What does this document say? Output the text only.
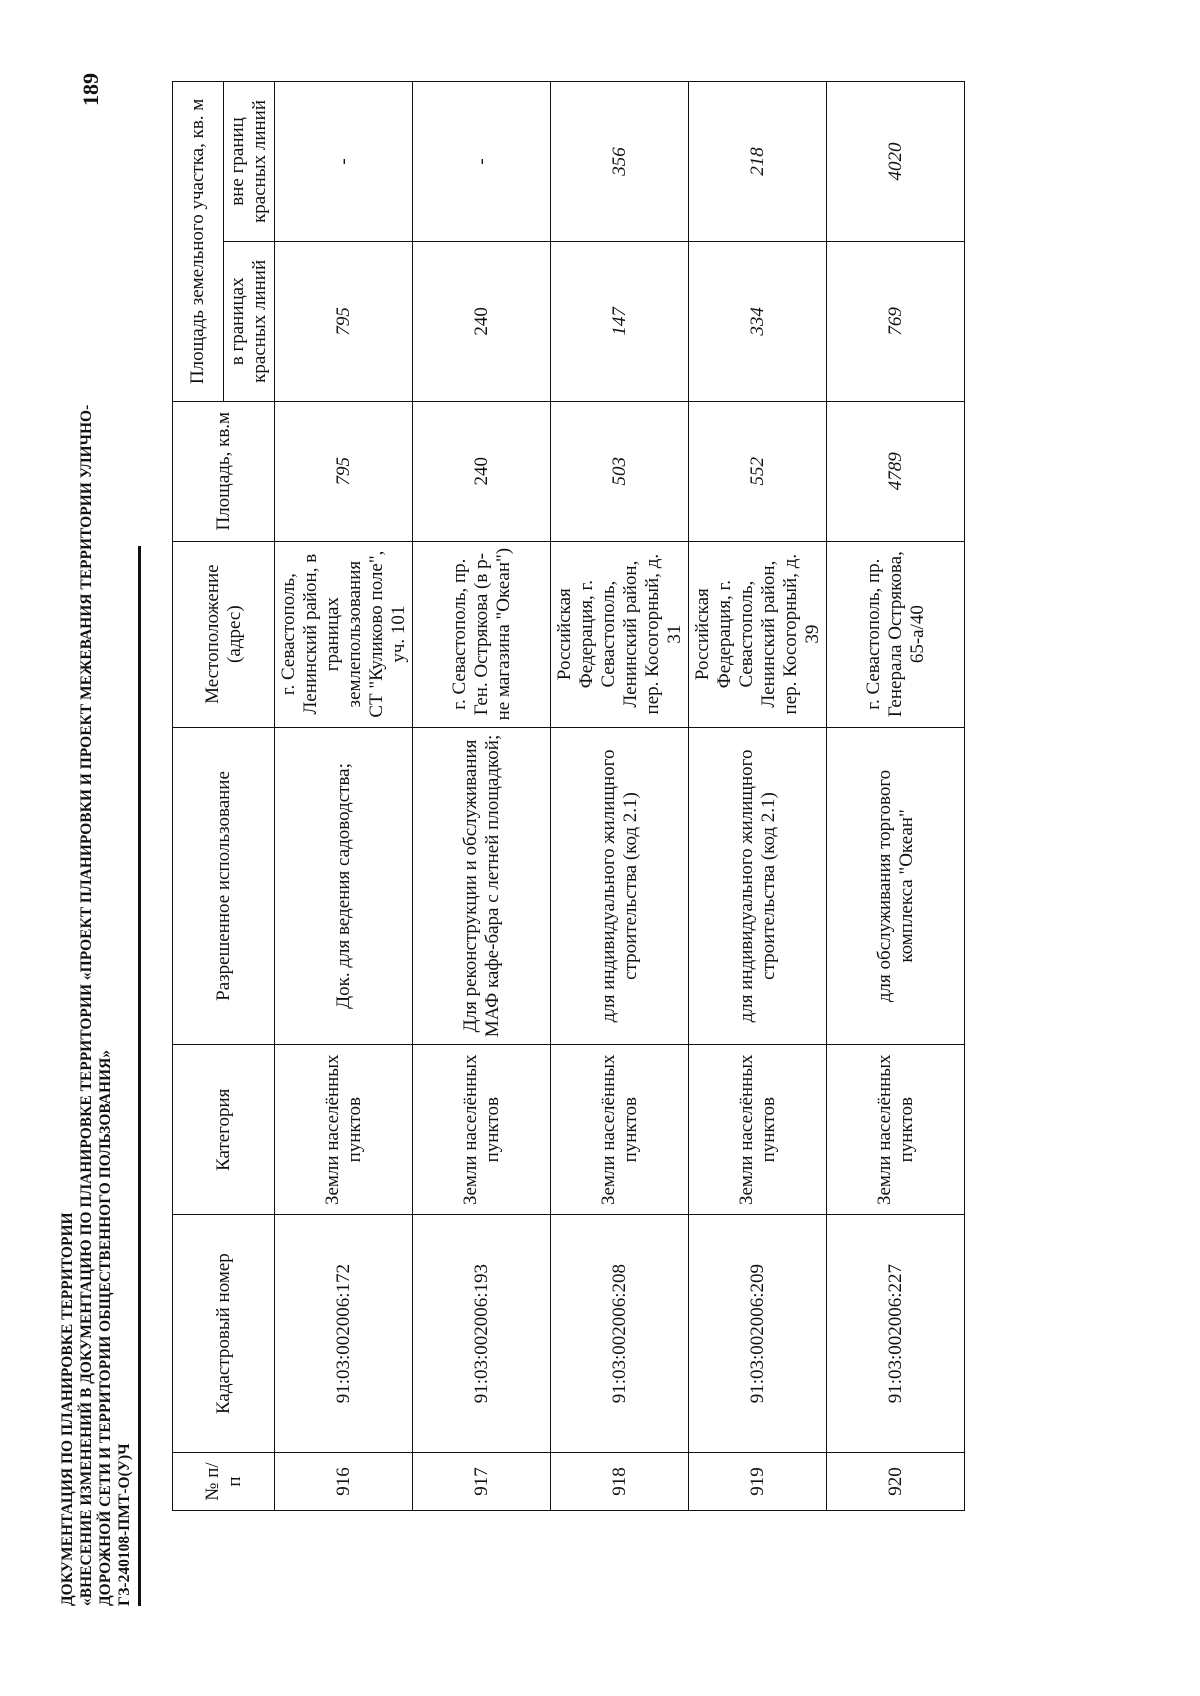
ДОКУМЕНТАЦИЯ ПО ПЛАНИРОВКЕ ТЕРРИТОРИИ «ВНЕСЕНИЕ ИЗМЕНЕНИЙ В ДОКУМЕНТАЦИЮ ПО ПЛАНИРОВКЕ ТЕРРИТОРИИ «ПРОЕКТ ПЛАНИРОВКИ И ПРОЕКТ МЕЖЕВАНИЯ ТЕРРИТОРИИ УЛИЧНО- ДОРОЖНОЙ СЕТИ И ТЕРРИТОРИИ ОБЩЕСТВЕННОГО ПОЛЬЗОВАНИЯ» ГЗ-240108-ПМТ-О(У)Ч
189
№ п/п	Кадастровый номер	Категория	Разрешенное использование	Местоположение (адрес)	Площадь, кв.м	Площадь земельного участка, кв. м	
						в границах красных линий	вне границ красных линий
916	91:03:002006:172	Земли населённых пунктов	Док. для ведения садоводства;	г. Севастополь, Ленинский район, в границах землепользования СТ "Куликово поле", уч. 101	795	795	-
917	91:03:002006:193	Земли населённых пунктов	Для реконструкции и обслуживания МАФ кафе-бара с летней площадкой;	г. Севастополь, пр. Ген. Острякова (в р-не магазина "Океан")	240	240	-
918	91:03:002006:208	Земли населённых пунктов	для индивидуального жилищного строительства (код 2.1)	Российская Федерация, г. Севастополь, Ленинский район, пер. Косогорный, д. 31	503	147	356
919	91:03:002006:209	Земли населённых пунктов	для индивидуального жилищного строительства (код 2.1)	Российская Федерация, г. Севастополь, Ленинский район, пер. Косогорный, д. 39	552	334	218
920	91:03:002006:227	Земли населённых пунктов	для обслуживания торгового комплекса "Океан"	г. Севастополь, пр. Генерала Острякова, 65-а/40	4789	769	4020
